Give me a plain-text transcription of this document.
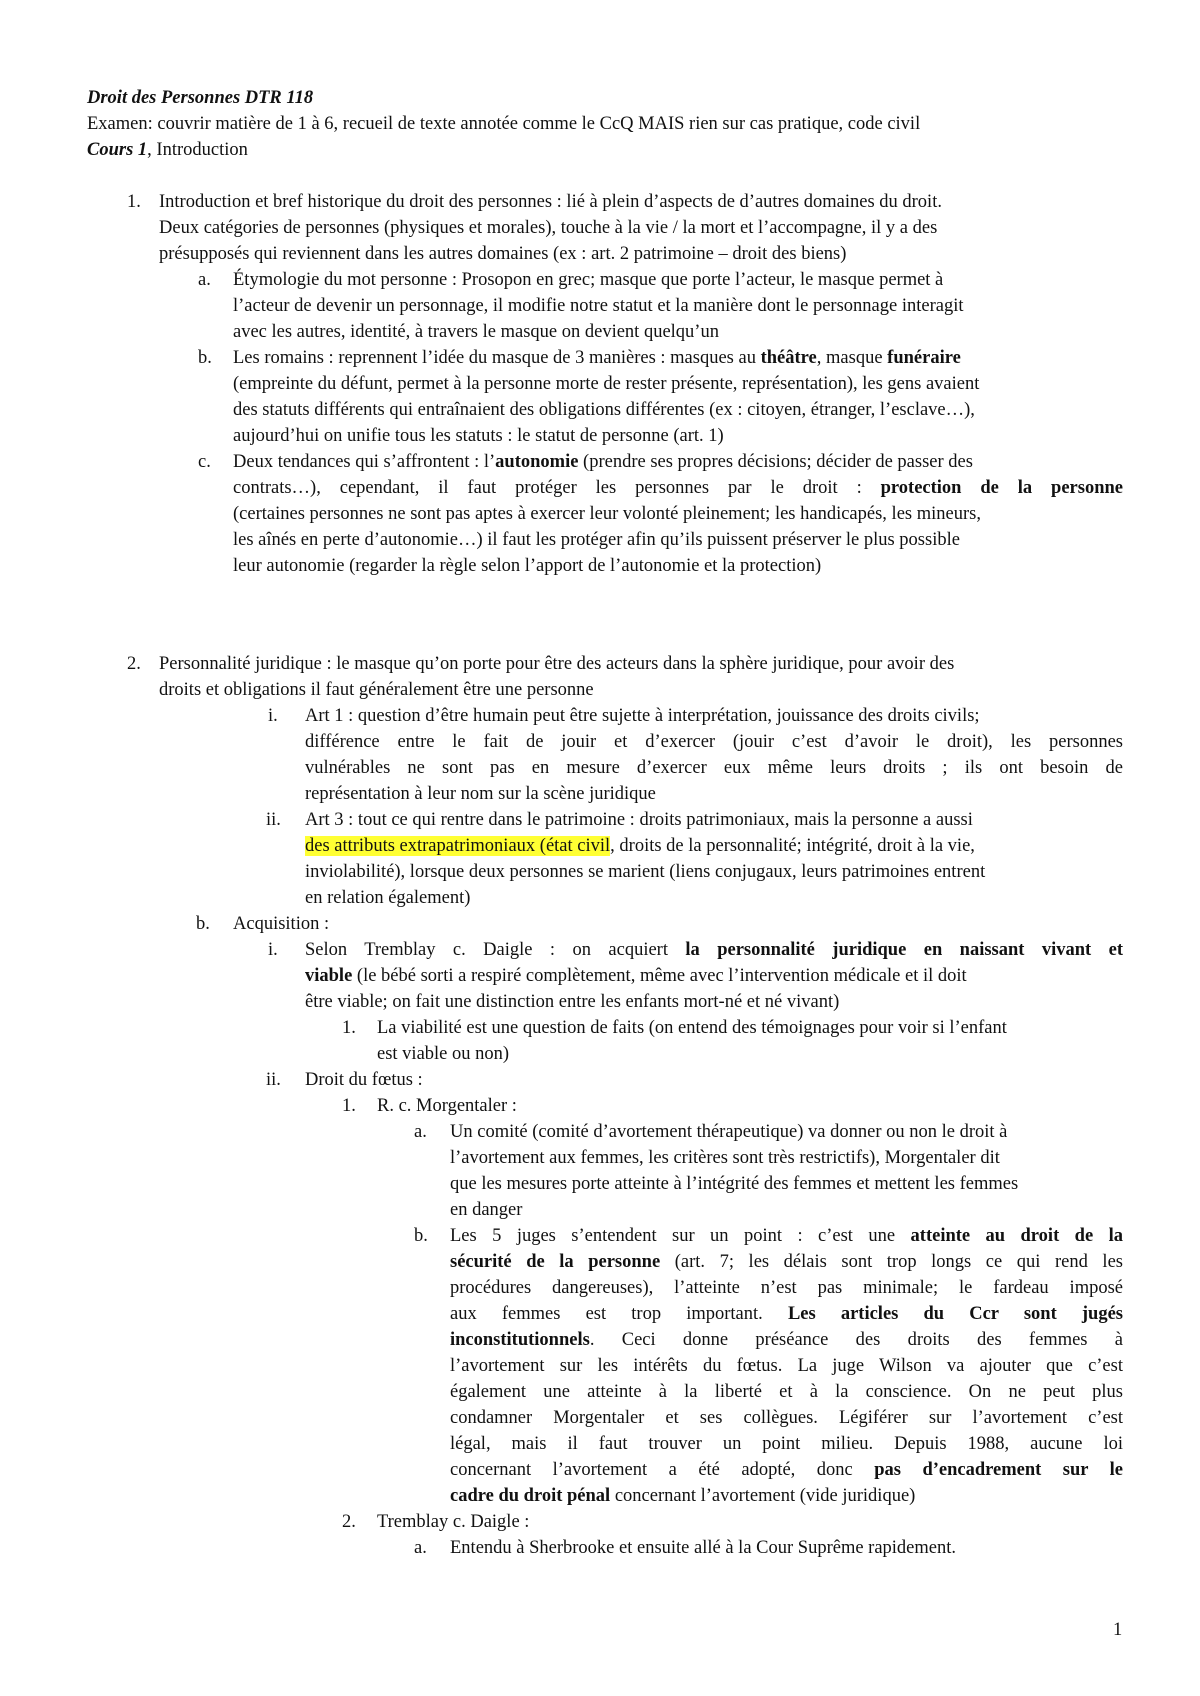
Droit des Personnes DTR 118
Examen: couvrir matière de 1 à 6, recueil de texte annotée comme le CcQ MAIS rien sur cas pratique, code civil
Cours 1, Introduction
1. Introduction et bref historique du droit des personnes : lié à plein d’aspects de d’autres domaines du droit.
Deux catégories de personnes (physiques et morales), touche à la vie / la mort et l’accompagne, il y a des
présupposés qui reviennent dans les autres domaines (ex : art. 2 patrimoine – droit des biens)
a. Étymologie du mot personne : Prosopon en grec; masque que porte l’acteur, le masque permet à
l’acteur de devenir un personnage, il modifie notre statut et la manière dont le personnage interagit
avec les autres, identité, à travers le masque on devient quelqu’un
b. Les romains : reprennent l’idée du masque de 3 manières : masques au théâtre, masque funéraire
(empreinte du défunt, permet à la personne morte de rester présente, représentation), les gens avaient
des statuts différents qui entraînaient des obligations différentes (ex : citoyen, étranger, l’esclave…),
aujourd’hui on unifie tous les statuts : le statut de personne (art. 1)
c. Deux tendances qui s’affrontent : l’autonomie (prendre ses propres décisions; décider de passer des
contrats…), cependant, il faut protéger les personnes par le droit : protection de la personne
(certaines personnes ne sont pas aptes à exercer leur volonté pleinement; les handicapés, les mineurs,
les aînés en perte d’autonomie…) il faut les protéger afin qu’ils puissent préserver le plus possible
leur autonomie (regarder la règle selon l’apport de l’autonomie et la protection)
2. Personnalité juridique : le masque qu’on porte pour être des acteurs dans la sphère juridique, pour avoir des
droits et obligations il faut généralement être une personne
i. Art 1 : question d’être humain peut être sujette à interprétation, jouissance des droits civils;
différence entre le fait de jouir et d’exercer (jouir c’est d’avoir le droit), les personnes
vulnérables ne sont pas en mesure d’exercer eux même leurs droits ; ils ont besoin de
représentation à leur nom sur la scène juridique
ii. Art 3 : tout ce qui rentre dans le patrimoine : droits patrimoniaux, mais la personne a aussi
des attributs extrapatrimoniaux (état civil, droits de la personnalité; intégrité, droit à la vie,
inviolabilité), lorsque deux personnes se marient (liens conjugaux, leurs patrimoines entrent
en relation également)
b. Acquisition :
i. Selon Tremblay c. Daigle : on acquiert la personnalité juridique en naissant vivant et
viable (le bébé sorti a respiré complètement, même avec l’intervention médicale et il doit
être viable; on fait une distinction entre les enfants mort-né et né vivant)
1. La viabilité est une question de faits (on entend des témoignages pour voir si l’enfant
est viable ou non)
ii. Droit du fœtus :
1. R. c. Morgentaler :
a. Un comité (comité d’avortement thérapeutique) va donner ou non le droit à
l’avortement aux femmes, les critères sont très restrictifs), Morgentaler dit
que les mesures porte atteinte à l’intégrité des femmes et mettent les femmes
en danger
b. Les 5 juges s’entendent sur un point : c’est une atteinte au droit de la
sécurité de la personne (art. 7; les délais sont trop longs ce qui rend les
procédures dangereuses), l’atteinte n’est pas minimale; le fardeau imposé
aux femmes est trop important. Les articles du Ccr sont jugés
inconstitutionnels. Ceci donne préséance des droits des femmes à
l’avortement sur les intérêts du fœtus. La juge Wilson va ajouter que c’est
également une atteinte à la liberté et à la conscience. On ne peut plus
condamner Morgentaler et ses collègues. Légiférer sur l’avortement c’est
légal, mais il faut trouver un point milieu. Depuis 1988, aucune loi
concernant l’avortement a été adopté, donc pas d’encadrement sur le
cadre du droit pénal concernant l’avortement (vide juridique)
2. Tremblay c. Daigle :
a. Entendu à Sherbrooke et ensuite allé à la Cour Suprême rapidement.
1
